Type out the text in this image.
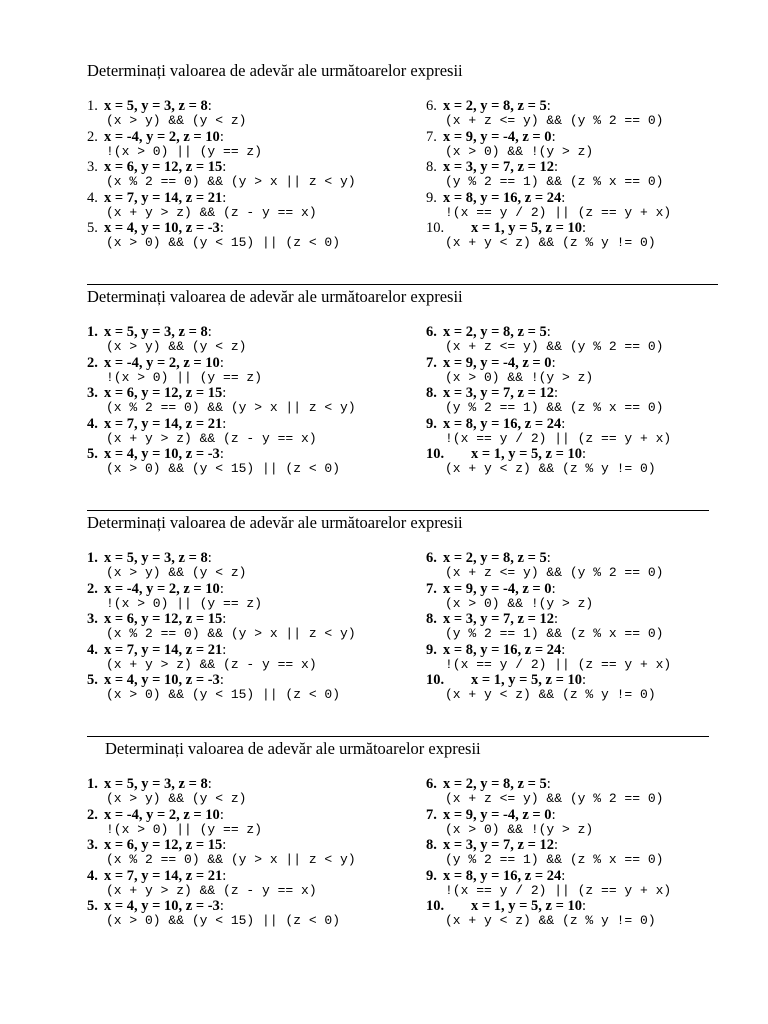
Determinați valoarea de adevăr ale următoarelor expresii
1. x = 5, y = 3, z = 8:
(x > y) && (y < z)
2. x = -4, y = 2, z = 10:
!(x > 0) || (y == z)
3. x = 6, y = 12, z = 15:
(x % 2 == 0) && (y > x || z < y)
4. x = 7, y = 14, z = 21:
(x + y > z) && (z - y == x)
5. x = 4, y = 10, z = -3:
(x > 0) && (y < 15) || (z < 0)
6. x = 2, y = 8, z = 5:
(x + z <= y) && (y % 2 == 0)
7. x = 9, y = -4, z = 0:
(x > 0) && !(y > z)
8. x = 3, y = 7, z = 12:
(y % 2 == 1) && (z % x == 0)
9. x = 8, y = 16, z = 24:
!(x == y / 2) || (z == y + x)
10. x = 1, y = 5, z = 10:
(x + y < z) && (z % y != 0)
Determinați valoarea de adevăr ale următoarelor expresii
1. x = 5, y = 3, z = 8:
(x > y) && (y < z)
2. x = -4, y = 2, z = 10:
!(x > 0) || (y == z)
3. x = 6, y = 12, z = 15:
(x % 2 == 0) && (y > x || z < y)
4. x = 7, y = 14, z = 21:
(x + y > z) && (z - y == x)
5. x = 4, y = 10, z = -3:
(x > 0) && (y < 15) || (z < 0)
6. x = 2, y = 8, z = 5:
(x + z <= y) && (y % 2 == 0)
7. x = 9, y = -4, z = 0:
(x > 0) && !(y > z)
8. x = 3, y = 7, z = 12:
(y % 2 == 1) && (z % x == 0)
9. x = 8, y = 16, z = 24:
!(x == y / 2) || (z == y + x)
10. x = 1, y = 5, z = 10:
(x + y < z) && (z % y != 0)
Determinați valoarea de adevăr ale următoarelor expresii
1. x = 5, y = 3, z = 8:
(x > y) && (y < z)
2. x = -4, y = 2, z = 10:
!(x > 0) || (y == z)
3. x = 6, y = 12, z = 15:
(x % 2 == 0) && (y > x || z < y)
4. x = 7, y = 14, z = 21:
(x + y > z) && (z - y == x)
5. x = 4, y = 10, z = -3:
(x > 0) && (y < 15) || (z < 0)
6. x = 2, y = 8, z = 5:
(x + z <= y) && (y % 2 == 0)
7. x = 9, y = -4, z = 0:
(x > 0) && !(y > z)
8. x = 3, y = 7, z = 12:
(y % 2 == 1) && (z % x == 0)
9. x = 8, y = 16, z = 24:
!(x == y / 2) || (z == y + x)
10. x = 1, y = 5, z = 10:
(x + y < z) && (z % y != 0)
Determinați valoarea de adevăr ale următoarelor expresii
1. x = 5, y = 3, z = 8:
(x > y) && (y < z)
2. x = -4, y = 2, z = 10:
!(x > 0) || (y == z)
3. x = 6, y = 12, z = 15:
(x % 2 == 0) && (y > x || z < y)
4. x = 7, y = 14, z = 21:
(x + y > z) && (z - y == x)
5. x = 4, y = 10, z = -3:
(x > 0) && (y < 15) || (z < 0)
6. x = 2, y = 8, z = 5:
(x + z <= y) && (y % 2 == 0)
7. x = 9, y = -4, z = 0:
(x > 0) && !(y > z)
8. x = 3, y = 7, z = 12:
(y % 2 == 1) && (z % x == 0)
9. x = 8, y = 16, z = 24:
!(x == y / 2) || (z == y + x)
10. x = 1, y = 5, z = 10:
(x + y < z) && (z % y != 0)
